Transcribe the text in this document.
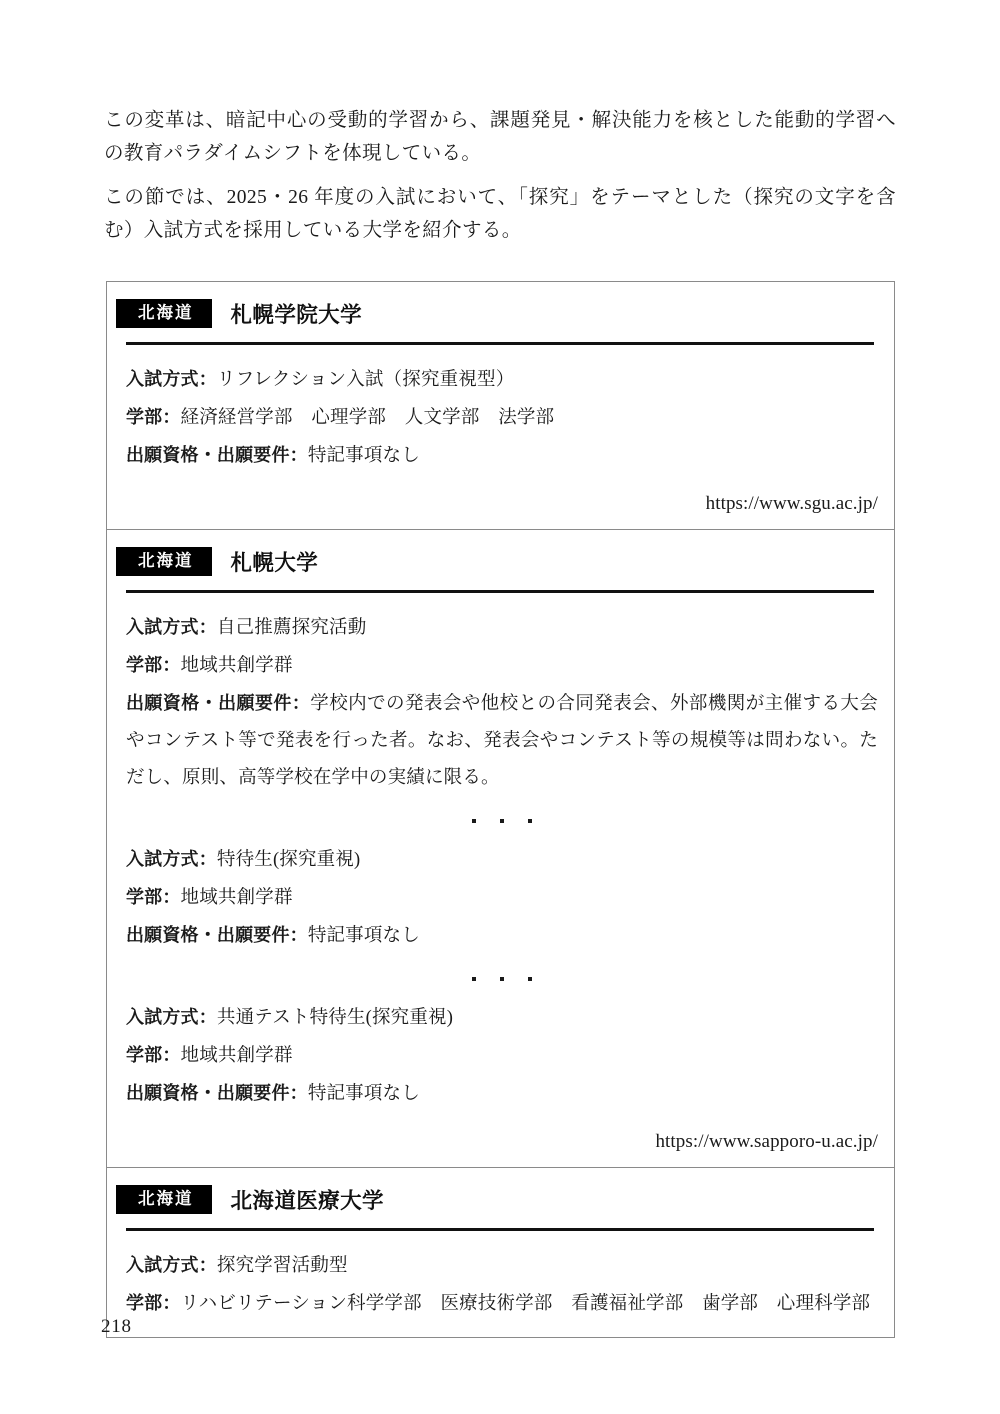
この変革は、暗記中心の受動的学習から、課題発見・解決能力を核とした能動的学習への教育パラダイムシフトを体現している。

この節では、2025・26 年度の入試において、「探究」をテーマとした（探究の文字を含む）入試方式を採用している大学を紹介する。

北海道	札幌学院大学

入試方式：リフレクション入試（探究重視型）

学部：経済経営学部　心理学部　人文学部　法学部

出願資格・出願要件：特記事項なし

https://www.sgu.ac.jp/
北海道	札幌大学

入試方式：自己推薦探究活動

学部：地域共創学群

出願資格・出願要件：学校内での発表会や他校との合同発表会、外部機関が主催する大会やコンテスト等で発表を行った者。なお、発表会やコンテスト等の規模等は問わない。ただし、原則、高等学校在学中の実績に限る。

入試方式：特待生(探究重視)

学部：地域共創学群

出願資格・出願要件：特記事項なし

入試方式：共通テスト特待生(探究重視)

学部：地域共創学群

出願資格・出願要件：特記事項なし

https://www.sapporo-u.ac.jp/
北海道	北海道医療大学

入試方式：探究学習活動型

学部：リハビリテーション科学学部　医療技術学部　看護福祉学部　歯学部　心理科学部

218
